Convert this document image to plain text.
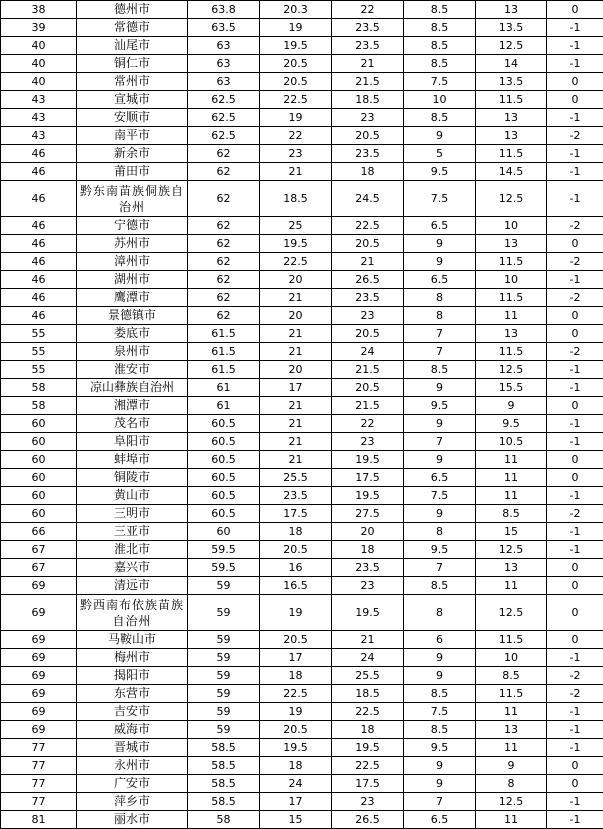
38	德州市	63.8	20.3	22	8.5	13	0
39	常德市	63.5	19	23.5	8.5	13.5	-1
40	汕尾市	63	19.5	23.5	8.5	12.5	-1
40	铜仁市	63	20.5	21	8.5	14	-1
40	常州市	63	20.5	21.5	7.5	13.5	0
43	宣城市	62.5	22.5	18.5	10	11.5	0
43	安顺市	62.5	19	23	8.5	13	-1
43	南平市	62.5	22	20.5	9	13	-2
46	新余市	62	23	23.5	5	11.5	-1
46	莆田市	62	21	18	9.5	14.5	-1
46	黔东南苗族侗族自治州	62	18.5	24.5	7.5	12.5	-1
46	宁德市	62	25	22.5	6.5	10	-2
46	苏州市	62	19.5	20.5	9	13	0
46	漳州市	62	22.5	21	9	11.5	-2
46	湖州市	62	20	26.5	6.5	10	-1
46	鹰潭市	62	21	23.5	8	11.5	-2
46	景德镇市	62	20	23	8	11	0
55	娄底市	61.5	21	20.5	7	13	0
55	泉州市	61.5	21	24	7	11.5	-2
55	淮安市	61.5	20	21.5	8.5	12.5	-1
58	凉山彝族自治州	61	17	20.5	9	15.5	-1
58	湘潭市	61	21	21.5	9.5	9	0
60	茂名市	60.5	21	22	9	9.5	-1
60	阜阳市	60.5	21	23	7	10.5	-1
60	蚌埠市	60.5	21	19.5	9	11	0
60	铜陵市	60.5	25.5	17.5	6.5	11	0
60	黄山市	60.5	23.5	19.5	7.5	11	-1
60	三明市	60.5	17.5	27.5	9	8.5	-2
66	三亚市	60	18	20	8	15	-1
67	淮北市	59.5	20.5	18	9.5	12.5	-1
67	嘉兴市	59.5	16	23.5	7	13	0
69	清远市	59	16.5	23	8.5	11	0
69	黔西南布依族苗族自治州	59	19	19.5	8	12.5	0
69	马鞍山市	59	20.5	21	6	11.5	0
69	梅州市	59	17	24	9	10	-1
69	揭阳市	59	18	25.5	9	8.5	-2
69	东营市	59	22.5	18.5	8.5	11.5	-2
69	吉安市	59	19	22.5	7.5	11	-1
69	威海市	59	20.5	18	8.5	13	-1
77	晋城市	58.5	19.5	19.5	9.5	11	-1
77	永州市	58.5	18	22.5	9	9	0
77	广安市	58.5	24	17.5	9	8	0
77	萍乡市	58.5	17	23	7	12.5	-1
81	丽水市	58	15	26.5	6.5	11	-1
